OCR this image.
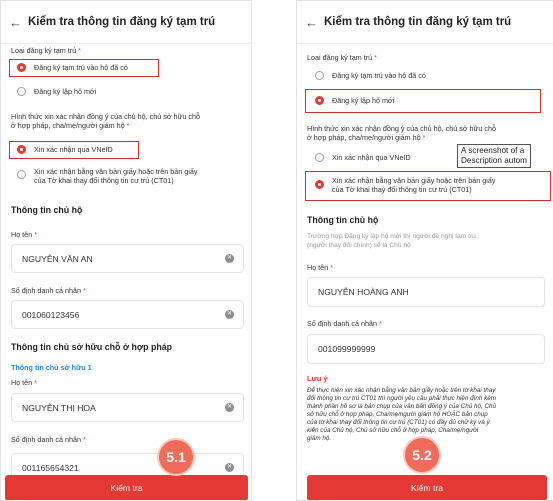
← Kiểm tra thông tin đăng ký tạm trú
Loại đăng ký tạm trú *
Đăng ký tạm trú vào hộ đã có
Đăng ký lập hộ mới
Hình thức xin xác nhận đồng ý của chủ hộ, chủ sở hữu chỗ
ở hợp pháp, cha/mẹ/người giám hộ *
Xin xác nhận qua VNeID
Xin xác nhận bằng văn bản giấy hoặc trên bản giấy
của Tờ khai thay đổi thông tin cư trú (CT01)
Thông tin chủ hộ
Họ tên *
NGUYỄN VĂN AN	✕
Số định danh cá nhân *
001060123456	✕
Thông tin chủ sở hữu chỗ ở hợp pháp
Thông tin chủ sở hữu 1
Họ tên *
NGUYỄN THỊ HOA	✕
Số định danh cá nhân *
001165654321	✕
Kiểm tra
5.1
← Kiểm tra thông tin đăng ký tạm trú
Loại đăng ký tạm trú *
Đăng ký tạm trú vào hộ đã có
Đăng ký lập hộ mới
Hình thức xin xác nhận đồng ý của chủ hộ, chủ sở hữu chỗ
ở hợp pháp, cha/mẹ/người giám hộ *
Xin xác nhận qua VNeID
Xin xác nhận bằng văn bản giấy hoặc trên bản giấy
của Tờ khai thay đổi thông tin cư trú (CT01)
Thông tin chủ hộ
Trường hợp Đăng ký lập hộ mới thì người đề nghị tạm trú
(người thay đổi chính) sẽ là Chủ hộ
Họ tên *
NGUYỄN HOÀNG ANH
Số định danh cá nhân *
001099999999
Lưu ý
Để thực hiện xin xác nhận bằng văn bản giấy hoặc trên tờ khai thay
đổi thông tin cư trú CT01 thì người yêu cầu phải thực hiện đính kèm
thành phần hồ sơ là bản chụp của văn bản đồng ý của Chủ hộ, Chủ
sở hữu chỗ ở hợp pháp, Cha/mẹ/người giám hộ HOẶC bản chụp
của tờ khai thay đổi thông tin cư trú (CT01) có đầy đủ chữ ký và ý
kiến của Chủ hộ, Chủ sở hữu chỗ ở hợp pháp, Cha/mẹ/người
giám hộ.
Kiểm tra
5.2
A screenshot of a
Description autom
